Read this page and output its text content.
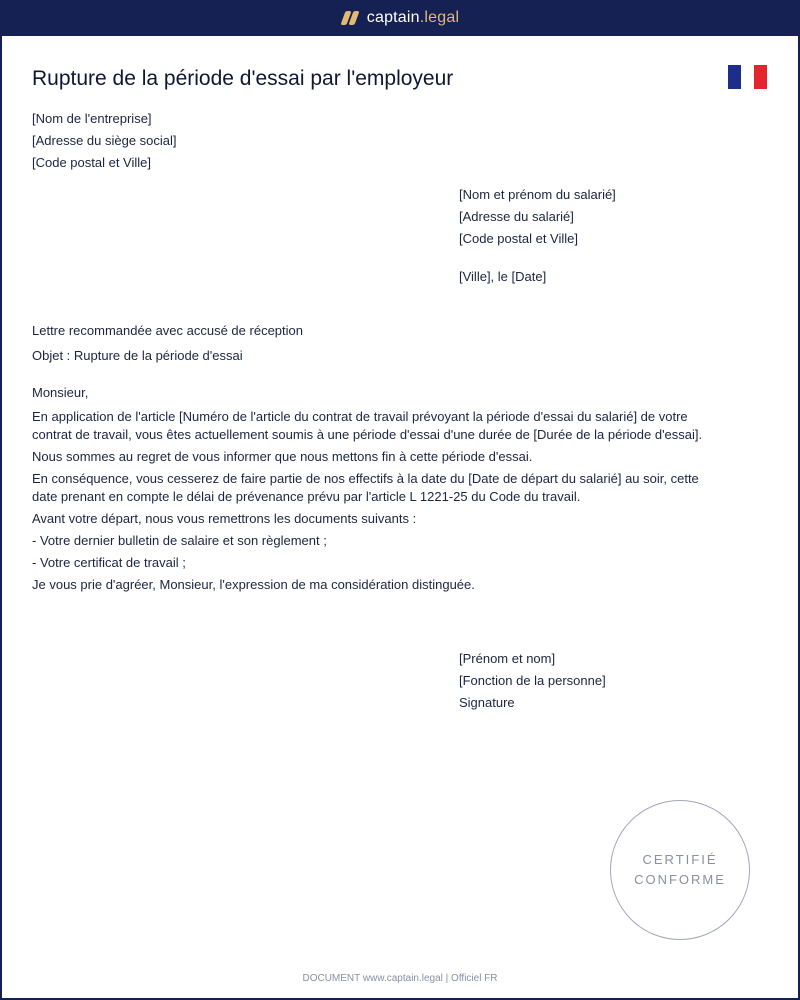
captain.legal
Rupture de la période d'essai par l'employeur
[Nom de l'entreprise]
[Adresse du siège social]
[Code postal et Ville]
[Nom et prénom du salarié]
[Adresse du salarié]
[Code postal et Ville]
[Ville], le [Date]
Lettre recommandée avec accusé de réception
Objet : Rupture de la période d'essai

Monsieur,

En application de l'article [Numéro de l'article du contrat de travail prévoyant la période d'essai du salarié] de votre contrat de travail, vous êtes actuellement soumis à une période d'essai d'une durée de [Durée de la période d'essai].

Nous sommes au regret de vous informer que nous mettons fin à cette période d'essai.

En conséquence, vous cesserez de faire partie de nos effectifs à la date du [Date de départ du salarié] au soir, cette date prenant en compte le délai de prévenance prévu par l'article L 1221-25 du Code du travail.

Avant votre départ, nous vous remettrons les documents suivants :

- Votre dernier bulletin de salaire et son règlement ;

- Votre certificat de travail ;

Je vous prie d'agréer, Monsieur, l'expression de ma considération distinguée.

[Prénom et nom]
[Fonction de la personne]
Signature
CERTIFIÉ
CONFORME
DOCUMENT www.captain.legal | Officiel FR
